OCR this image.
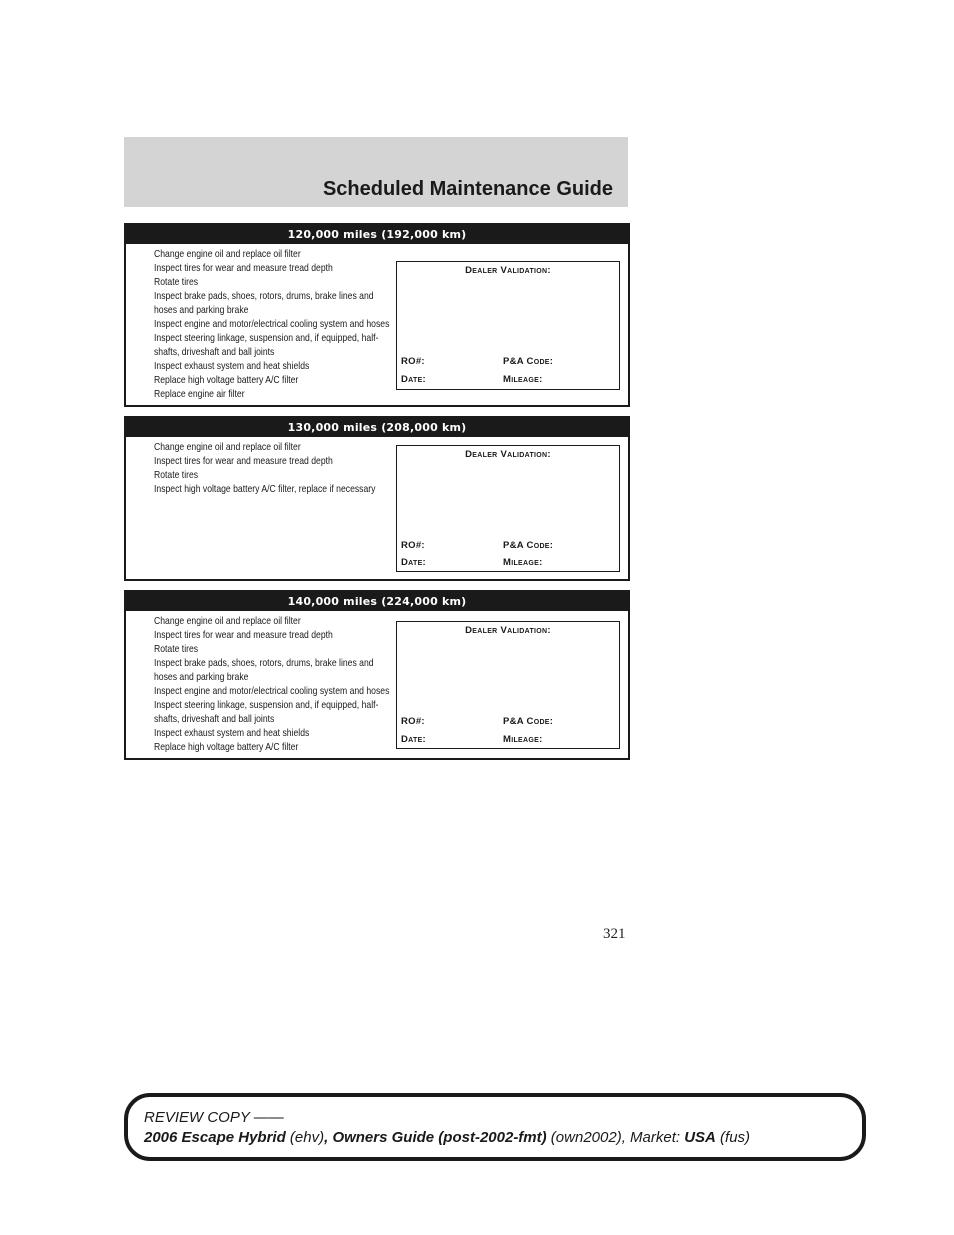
Scheduled Maintenance Guide
120,000 miles (192,000 km)
Change engine oil and replace oil filter
Inspect tires for wear and measure tread depth
Rotate tires
Inspect brake pads, shoes, rotors, drums, brake lines and
hoses and parking brake
Inspect engine and motor/electrical cooling system and hoses
Inspect steering linkage, suspension and, if equipped, half-
shafts, driveshaft and ball joints
Inspect exhaust system and heat shields
Replace high voltage battery A/C filter
Replace engine air filter
Dealer Validation:
RO#:	P&A Code:
Date:	Mileage:
130,000 miles (208,000 km)
Change engine oil and replace oil filter
Inspect tires for wear and measure tread depth
Rotate tires
Inspect high voltage battery A/C filter, replace if necessary
Dealer Validation:
RO#:	P&A Code:
Date:	Mileage:
140,000 miles (224,000 km)
Change engine oil and replace oil filter
Inspect tires for wear and measure tread depth
Rotate tires
Inspect brake pads, shoes, rotors, drums, brake lines and
hoses and parking brake
Inspect engine and motor/electrical cooling system and hoses
Inspect steering linkage, suspension and, if equipped, half-
shafts, driveshaft and ball joints
Inspect exhaust system and heat shields
Replace high voltage battery A/C filter
Dealer Validation:
RO#:	P&A Code:
Date:	Mileage:
321
REVIEW COPY ——
2006 Escape Hybrid (ehv), Owners Guide (post-2002-fmt) (own2002), Market: USA (fus)
